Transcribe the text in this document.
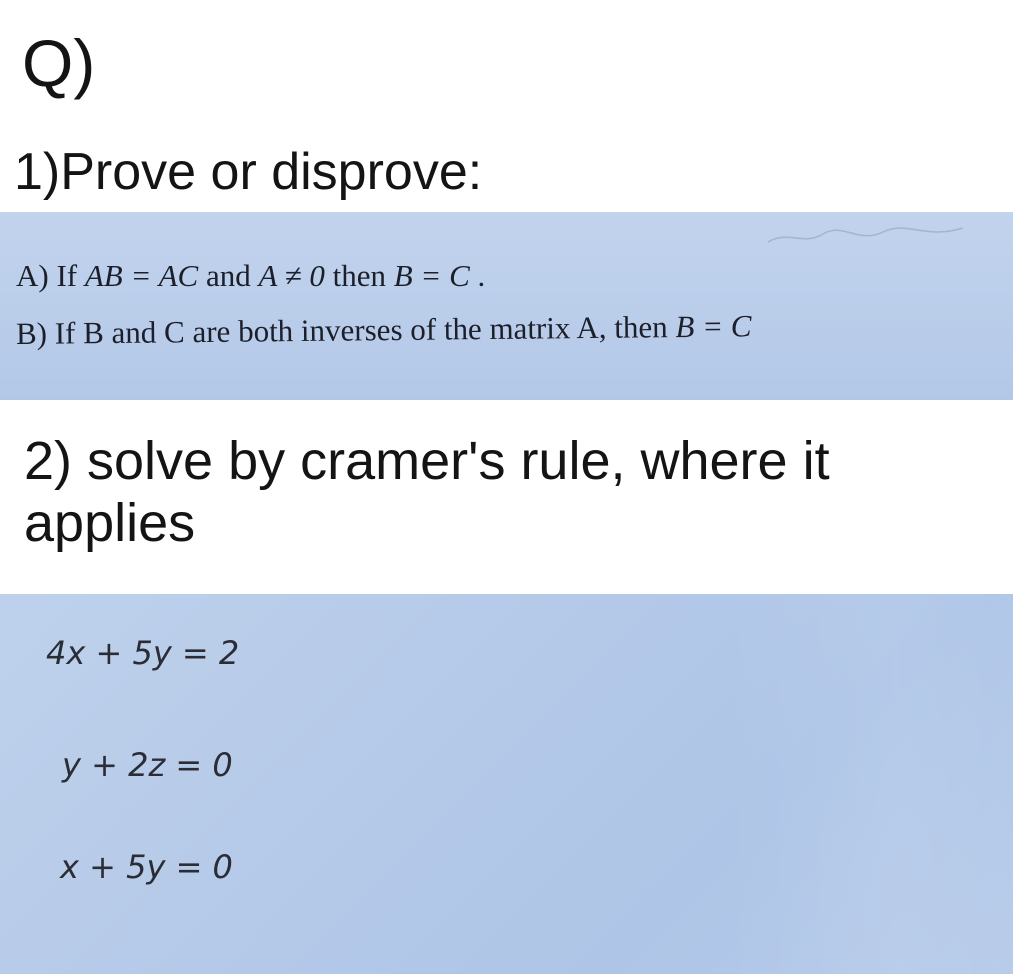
Q)
1)Prove or disprove:
A) If AB = AC and A ≠ 0 then B = C .
B) If B and C are both inverses of the matrix A, then B = C
2) solve by cramer's rule, where it applies
4x + 5y = 2
y + 2z = 0
x + 5y = 0
